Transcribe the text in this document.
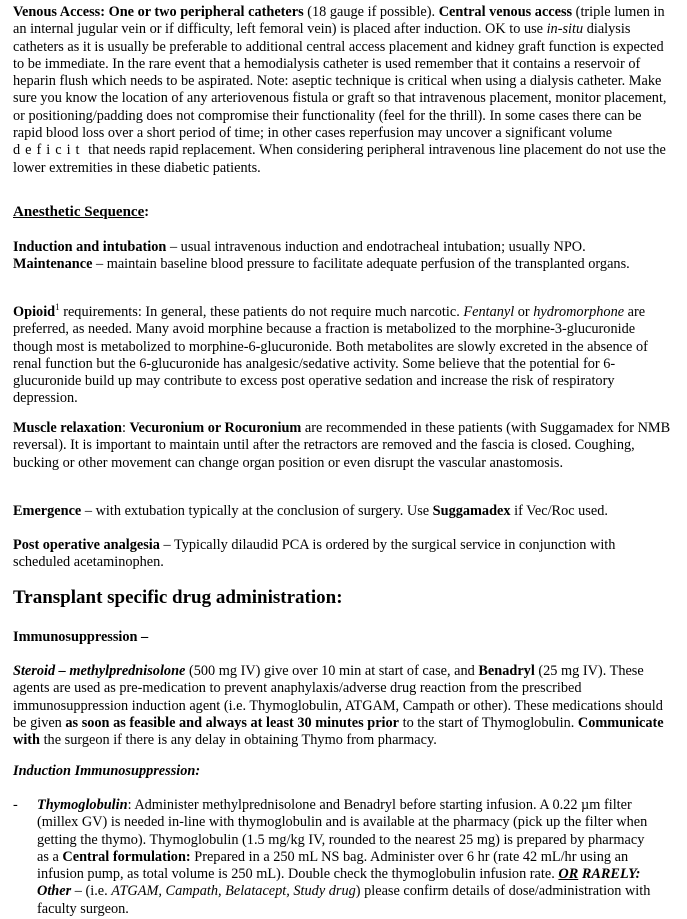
Venous Access: One or two peripheral catheters (18 gauge if possible). Central venous access (triple lumen in an internal jugular vein or if difficulty, left femoral vein) is placed after induction. OK to use in-situ dialysis catheters as it is usually be preferable to additional central access placement and kidney graft function is expected to be immediate. In the rare event that a hemodialysis catheter is used remember that it contains a reservoir of heparin flush which needs to be aspirated. Note: aseptic technique is critical when using a dialysis catheter. Make sure you know the location of any arteriovenous fistula or graft so that intravenous placement, monitor placement, or positioning/padding does not compromise their functionality (feel for the thrill). In some cases there can be rapid blood loss over a short period of time; in other cases reperfusion may uncover a significant volume deficit that needs rapid replacement. When considering peripheral intravenous line placement do not use the lower extremities in these diabetic patients.
Anesthetic Sequence:
Induction and intubation – usual intravenous induction and endotracheal intubation; usually NPO.
Maintenance – maintain baseline blood pressure to facilitate adequate perfusion of the transplanted organs.
Opioid$^1$ requirements: In general, these patients do not require much narcotic. Fentanyl or hydromorphone are preferred, as needed. Many avoid morphine because a fraction is metabolized to the morphine-3-glucuronide though most is metabolized to morphine-6-glucuronide. Both metabolites are slowly excreted in the absence of renal function but the 6-glucuronide has analgesic/sedative activity. Some believe that the potential for 6-glucuronide build up may contribute to excess post operative sedation and increase the risk of respiratory depression.
Muscle relaxation: Vecuronium or Rocuronium are recommended in these patients (with Suggamadex for NMB reversal). It is important to maintain until after the retractors are removed and the fascia is closed. Coughing, bucking or other movement can change organ position or even disrupt the vascular anastomosis.
Emergence – with extubation typically at the conclusion of surgery. Use Suggamadex if Vec/Roc used.
Post operative analgesia – Typically dilaudid PCA is ordered by the surgical service in conjunction with scheduled acetaminophen.
Transplant specific drug administration:
Immunosuppression –
Steroid – methylprednisolone (500 mg IV) give over 10 min at start of case, and Benadryl (25 mg IV). These agents are used as pre-medication to prevent anaphylaxis/adverse drug reaction from the prescribed immunosuppression induction agent (i.e. Thymoglobulin, ATGAM, Campath or other). These medications should be given as soon as feasible and always at least 30 minutes prior to the start of Thymoglobulin. Communicate with the surgeon if there is any delay in obtaining Thymo from pharmacy.
Induction Immunosuppression:
- Thymoglobulin: Administer methylprednisolone and Benadryl before starting infusion. A 0.22 µm filter (millex GV) is needed in-line with thymoglobulin and is available at the pharmacy (pick up the filter when getting the thymo). Thymoglobulin (1.5 mg/kg IV, rounded to the nearest 25 mg) is prepared by pharmacy as a Central formulation: Prepared in a 250 mL NS bag. Administer over 6 hr (rate 42 mL/hr using an infusion pump, as total volume is 250 mL). Double check the thymoglobulin infusion rate. OR RARELY: Other – (i.e. ATGAM, Campath, Belatacept, Study drug) please confirm details of dose/administration with faculty surgeon.
